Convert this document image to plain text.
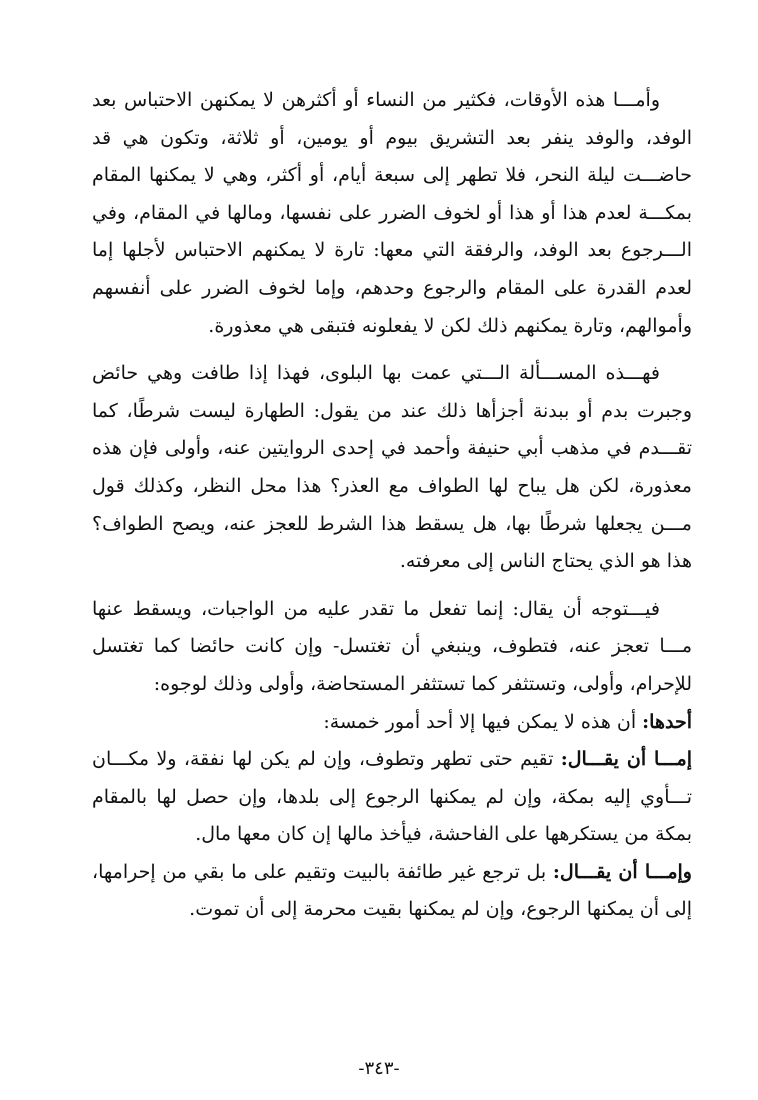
وأمـــا هذه الأوقات، فكثير من النساء أو أكثرهن لا يمكنهن الاحتباس بعد الوفد، والوفد ينفر بعد التشريق بيوم أو يومين، أو ثلاثة، وتكون هي قد حاضـــت ليلة النحر، فلا تطهر إلى سبعة أيام، أو أكثر، وهي لا يمكنها المقام بمكـــة لعدم هذا أو هذا أو لخوف الضرر على نفسها، ومالها في المقام، وفي الـــرجوع بعد الوفد، والرفقة التي معها: تارة لا يمكنهم الاحتباس لأجلها إما لعدم القدرة على المقام والرجوع وحدهم، وإما لخوف الضرر على أنفسهم وأموالهم، وتارة يمكنهم ذلك لكن لا يفعلونه فتبقى هي معذورة.

فهـــذه المســـألة الـــتي عمت بها البلوى، فهذا إذا طافت وهي حائض وجبرت بدم أو ببدنة أجزأها ذلك عند من يقول: الطهارة ليست شرطًا، كما تقـــدم في مذهب أبي حنيفة وأحمد في إحدى الروايتين عنه، وأولى فإن هذه معذورة، لكن هل يباح لها الطواف مع العذر؟ هذا محل النظر، وكذلك قول مـــن يجعلها شرطًا بها، هل يسقط هذا الشرط للعجز عنه، ويصح الطواف؟ هذا هو الذي يحتاج الناس إلى معرفته.

فيـــتوجه أن يقال: إنما تفعل ما تقدر عليه من الواجبات، ويسقط عنها مـــا تعجز عنه، فتطوف، وينبغي أن تغتسل- وإن كانت حائضا كما تغتسل للإحرام، وأولى، وتستثفر كما تستثفر المستحاضة، وأولى وذلك لوجوه:

أحدها: أن هذه لا يمكن فيها إلا أحد أمور خمسة:

إمـــا أن يقـــال: تقيم حتى تطهر وتطوف، وإن لم يكن لها نفقة، ولا مكـــان تـــأوي إليه بمكة، وإن لم يمكنها الرجوع إلى بلدها، وإن حصل لها بالمقام بمكة من يستكرهها على الفاحشة، فيأخذ مالها إن كان معها مال.

وإمـــا أن يقـــال: بل ترجع غير طائفة بالبيت وتقيم على ما بقي من إحرامها، إلى أن يمكنها الرجوع، وإن لم يمكنها بقيت محرمة إلى أن تموت.

-٣٤٣-
